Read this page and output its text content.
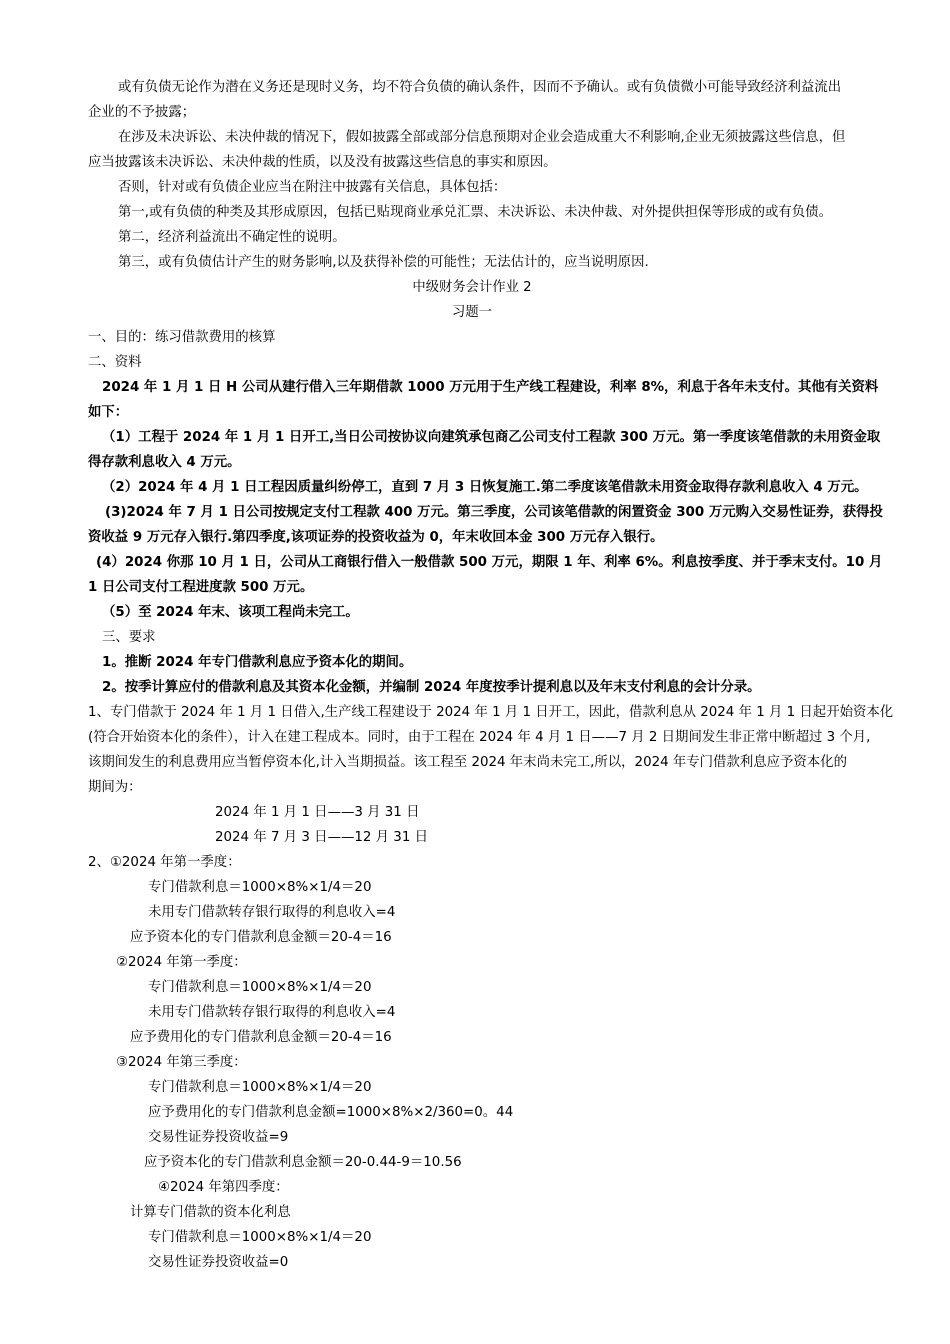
或有负债无论作为潜在义务还是现时义务，均不符合负债的确认条件，因而不予确认。或有负债微小可能导致经济利益流出
企业的不予披露；
在涉及未决诉讼、未决仲裁的情况下，假如披露全部或部分信息预期对企业会造成重大不利影响,企业无须披露这些信息，但
应当披露该未决诉讼、未决仲裁的性质，以及没有披露这些信息的事实和原因。
否则，针对或有负债企业应当在附注中披露有关信息，具体包括：
第一,或有负债的种类及其形成原因，包括已贴现商业承兑汇票、未决诉讼、未决仲裁、对外提供担保等形成的或有负债。
第二，经济利益流出不确定性的说明。
第三，或有负债估计产生的财务影响,以及获得补偿的可能性；无法估计的，应当说明原因.
中级财务会计作业 2
习题一
一、目的：练习借款费用的核算
二、资料
2024 年 1 月 1 日 H 公司从建行借入三年期借款 1000 万元用于生产线工程建设，利率 8%，利息于各年未支付。其他有关资料
如下：
（1）工程于 2024 年 1 月 1 日开工,当日公司按协议向建筑承包商乙公司支付工程款 300 万元。第一季度该笔借款的未用资金取
得存款利息收入 4 万元。
（2）2024 年 4 月 1 日工程因质量纠纷停工，直到 7 月 3 日恢复施工.第二季度该笔借款未用资金取得存款利息收入 4 万元。
(3)2024 年 7 月 1 日公司按规定支付工程款 400 万元。第三季度，公司该笔借款的闲置资金 300 万元购入交易性证券，获得投
资收益 9 万元存入银行.第四季度,该项证券的投资收益为 0，年末收回本金 300 万元存入银行。
(4）2024 你那 10 月 1 日，公司从工商银行借入一般借款 500 万元，期限 1 年、利率 6%。利息按季度、并于季末支付。10 月
1 日公司支付工程进度款 500 万元。
（5）至 2024 年末、该项工程尚未完工。
三、要求
1。推断 2024 年专门借款利息应予资本化的期间。
2。按季计算应付的借款利息及其资本化金额，并编制 2024 年度按季计提利息以及年末支付利息的会计分录。
1、专门借款于 2024 年 1 月 1 日借入,生产线工程建设于 2024 年 1 月 1 日开工，因此，借款利息从 2024 年 1 月 1 日起开始资本化
(符合开始资本化的条件），计入在建工程成本。同时，由于工程在 2024 年 4 月 1 日——7 月 2 日期间发生非正常中断超过 3 个月,
该期间发生的利息费用应当暂停资本化,计入当期损益。该工程至 2024 年末尚未完工,所以，2024 年专门借款利息应予资本化的
期间为：
2024 年 1 月 1 日——3 月 31 日
2024 年 7 月 3 日——12 月 31 日
2、①2024 年第一季度：
专门借款利息＝1000×8%×1/4＝20
未用专门借款转存银行取得的利息收入=4
应予资本化的专门借款利息金额＝20-4＝16
②2024 年第一季度：
专门借款利息＝1000×8%×1/4＝20
未用专门借款转存银行取得的利息收入=4
应予费用化的专门借款利息金额＝20-4＝16
③2024 年第三季度：
专门借款利息＝1000×8%×1/4＝20
应予费用化的专门借款利息金额=1000×8%×2/360=0。44
交易性证券投资收益=9
应予资本化的专门借款利息金额＝20-0.44-9＝10.56
④2024 年第四季度：
计算专门借款的资本化利息
专门借款利息＝1000×8%×1/4＝20
交易性证券投资收益=0
